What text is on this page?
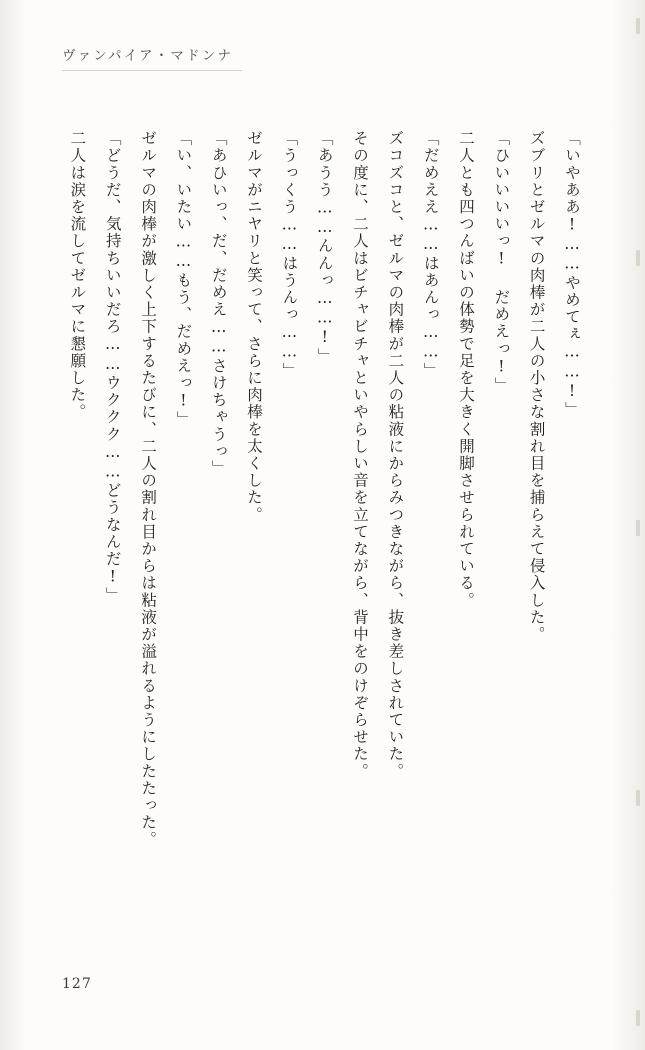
ヴァンパイア・マドンナ

「いやああ!……やめてぇ……!」

ズブリとゼルマの肉棒が二人の小さな割れ目を捕らえて侵入した。

「ひいいいいっ! だめえっ!」

二人とも四つんばいの体勢で足を大きく開脚させられている。

「だめええ……はあんっ……」

ズコズコと、ゼルマの肉棒が二人の粘液にからみつきながら、抜き差しされていた。

その度に、二人はビチャビチャといやらしい音を立てながら、背中をのけぞらせた。

「あうう……んんっ……!」

「うっくう……はうんっ……」

ゼルマがニヤリと笑って、さらに肉棒を太くした。

「あひいっ、だ、だめえ……さけちゃうっ」

「い、いたい……もう、だめえっ!」

ゼルマの肉棒が激しく上下するたびに、二人の割れ目からは粘液が溢れるようにしたたった。

「どうだ、気持ちいいだろ……ウククク……どうなんだ!」

二人は涙を流してゼルマに懇願した。

127
